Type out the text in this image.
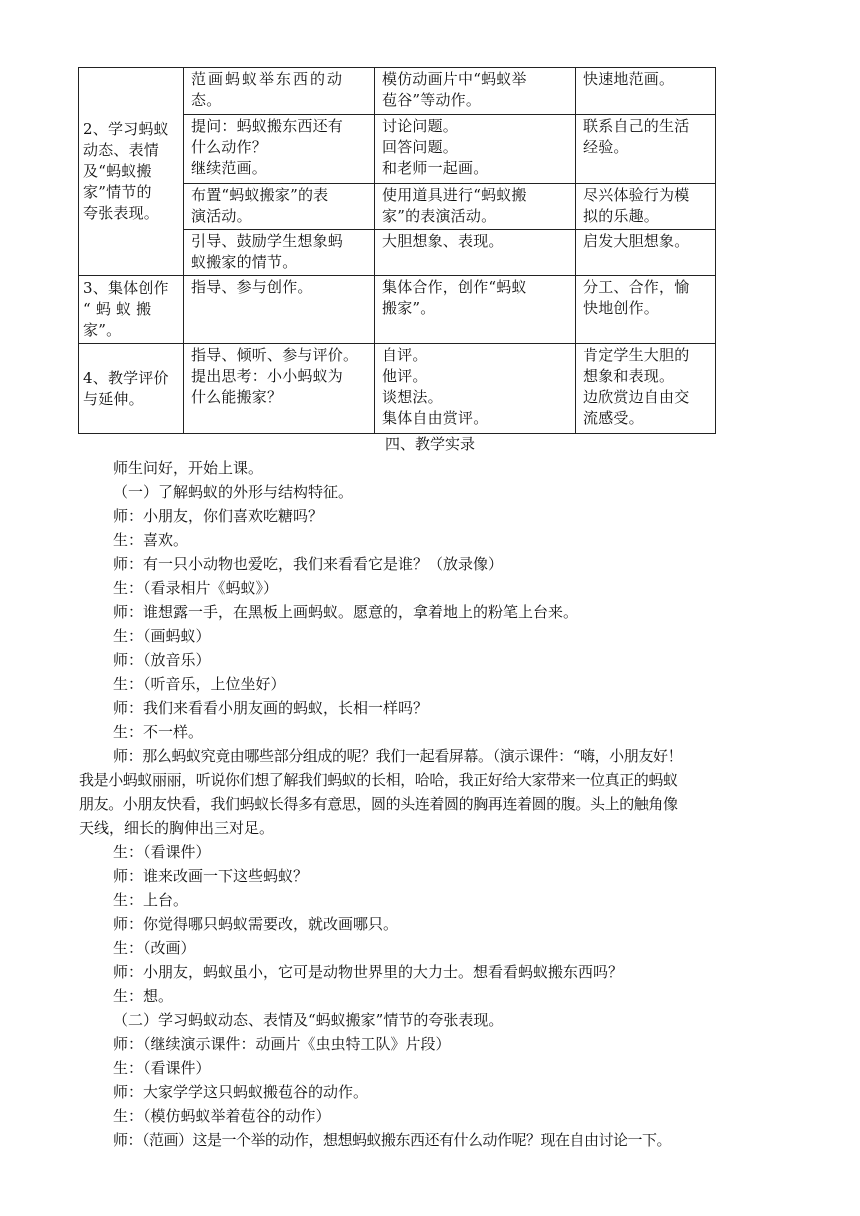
2、学习蚂蚁
动态、表情
及“蚂蚁搬
家”情节的
夸张表现。	范画蚂蚁举东西的动
态。	模仿动画片中“蚂蚁举
苞谷”等动作。	快速地范画。

	提问：蚂蚁搬东西还有
什么动作？
继续范画。	讨论问题。
回答问题。
和老师一起画。	联系自己的生活
经验。

	布置“蚂蚁搬家”的表
演活动。	使用道具进行“蚂蚁搬
家”的表演活动。	尽兴体验行为模
拟的乐趣。

	引导、鼓励学生想象蚂
蚁搬家的情节。	大胆想象、表现。	启发大胆想象。

3、集体创作
“ 蚂 蚁 搬
家”。	指导、参与创作。	集体合作，创作“蚂蚁
搬家”。	分工、合作，愉
快地创作。

4、教学评价
与延伸。	指导、倾听、参与评价。
提出思考：小小蚂蚁为
什么能搬家？	自评。
他评。
谈想法。
集体自由赏评。	肯定学生大胆的
想象和表现。
边欣赏边自由交
流感受。
四、教学实录

师生问好，开始上课。

（一）了解蚂蚁的外形与结构特征。

师：小朋友，你们喜欢吃糖吗？

生：喜欢。

师：有一只小动物也爱吃，我们来看看它是谁？（放录像）

生：（看录相片《蚂蚁》）

师：谁想露一手，在黑板上画蚂蚁。愿意的，拿着地上的粉笔上台来。

生：（画蚂蚁）

师：（放音乐）

生：（听音乐，上位坐好）

师：我们来看看小朋友画的蚂蚁，长相一样吗？

生：不一样。

师：那么蚂蚁究竟由哪些部分组成的呢？我们一起看屏幕。（演示课件：“嗨，小朋友好！

我是小蚂蚁丽丽，听说你们想了解我们蚂蚁的长相，哈哈，我正好给大家带来一位真正的蚂蚁

朋友。小朋友快看，我们蚂蚁长得多有意思，圆的头连着圆的胸再连着圆的腹。头上的触角像

天线，细长的胸伸出三对足。

生：（看课件）

师：谁来改画一下这些蚂蚁？

生：上台。

师：你觉得哪只蚂蚁需要改，就改画哪只。

生：（改画）

师：小朋友，蚂蚁虽小，它可是动物世界里的大力士。想看看蚂蚁搬东西吗？

生：想。

（二）学习蚂蚁动态、表情及“蚂蚁搬家”情节的夸张表现。

师：（继续演示课件：动画片《虫虫特工队》片段）

生：（看课件）

师：大家学学这只蚂蚁搬苞谷的动作。

生：（模仿蚂蚁举着苞谷的动作）

师：（范画）这是一个举的动作，想想蚂蚁搬东西还有什么动作呢？现在自由讨论一下。
